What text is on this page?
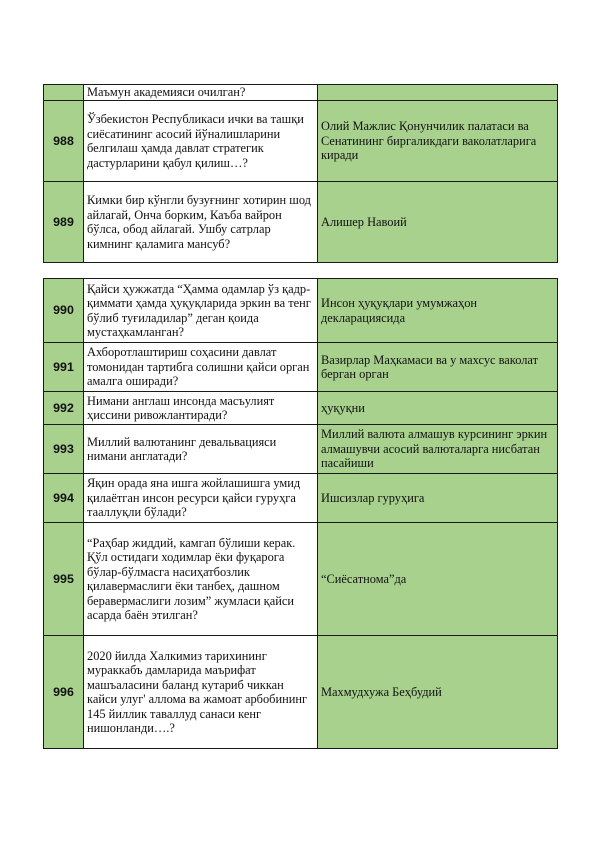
	Маъмун академияси очилган?	
988	Ўзбекистон Республикаси ички ва ташқи сиёсатининг асосий йўналишларини белгилаш ҳамда давлат стратегик дастурларини қабул қилиш…?	Олий Мажлис Қонунчилик палатаси ва Сенатининг биргаликдаги ваколатларига киради
989	Кимки бир кўнгли бузуғнинг хотирин шод айлагай, Онча борким, Каъба вайрон бўлса, обод айлагай. Ушбу сатрлар кимнинг қаламига мансуб?	Алишер Навоий
990	Қайси ҳужжатда “Ҳамма одамлар ўз қадр-қиммати ҳамда ҳуқуқларида эркин ва тенг бўлиб туғиладилар” деган қоида мустаҳкамланган?	Инсон ҳуқуқлари умумжаҳон декларациясида
991	Ахборотлаштириш соҳасини давлат томонидан тартибга солишни қайси орган амалга оширади?	Вазирлар Маҳкамаси ва у махсус ваколат берган орган
992	Нимани англаш инсонда масъулият ҳиссини ривожлантиради?	ҳуқуқни
993	Миллий валютанинг девальвацияси нимани англатади?	Миллий валюта алмашув курсининг эркин алмашувчи асосий валюталарга нисбатан пасайиши
994	Яқин орада яна ишга жойлашишга умид қилаётган инсон ресурси қайси гуруҳга тааллуқли бўлади?	Ишсизлар гуруҳига
995	“Раҳбар жиддий, камгап бўлиши керак. Қўл остидаги ходимлар ёки фуқарога бўлар-бўлмасга насиҳатбозлик қилавермаслиги ёки танбеҳ, дашном беравермаслиги лозим” жумласи қайси асарда баён этилган?	“Сиёсатнома”да
996	2020 йилда Халкимиз тарихининг мураккабъ дамларида маърифат машъаласини баланд кутариб чиккан кайси улуг' аллома ва жамоат арбобининг 145 йиллик таваллуд санаси кенг нишонланди….?	Махмудхужа Беҳбудий
